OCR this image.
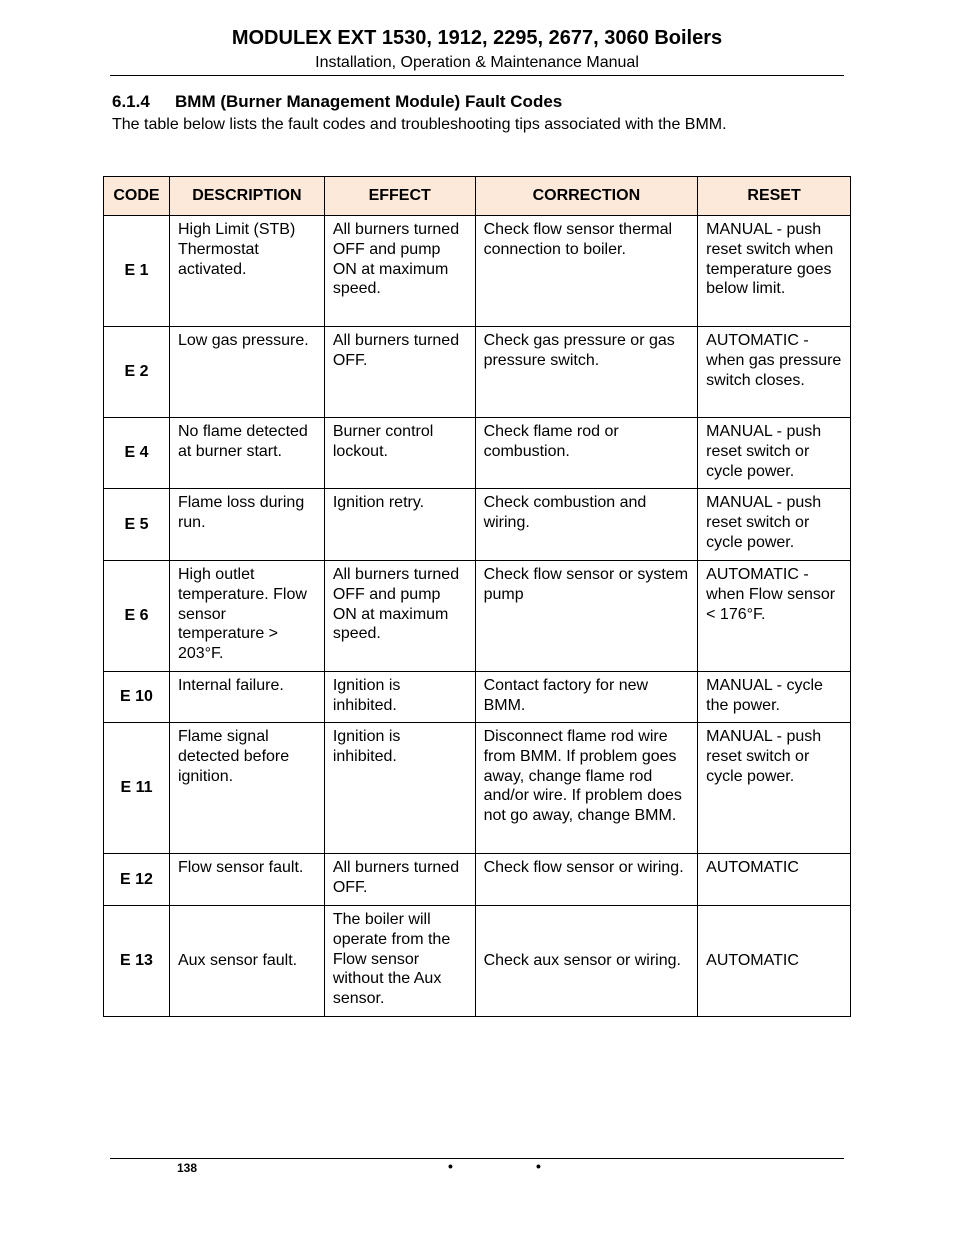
MODULEX EXT 1530, 1912, 2295, 2677, 3060 Boilers
Installation, Operation & Maintenance Manual
6.1.4 BMM (Burner Management Module) Fault Codes
The table below lists the fault codes and troubleshooting tips associated with the BMM.
CODE	DESCRIPTION	EFFECT	CORRECTION	RESET
E 1	High Limit (STB) Thermostat activated.	All burners turned OFF and pump ON at maximum speed.	Check flow sensor thermal connection to boiler.	MANUAL - push reset switch when temperature goes below limit.
E 2	Low gas pressure.	All burners turned OFF.	Check gas pressure or gas pressure switch.	AUTOMATIC - when gas pressure switch closes.
E 4	No flame detected at burner start.	Burner control lockout.	Check flame rod or combustion.	MANUAL - push reset switch or cycle power.
E 5	Flame loss during run.	Ignition retry.	Check combustion and wiring.	MANUAL - push reset switch or cycle power.
E 6	High outlet temperature. Flow sensor temperature > 203°F.	All burners turned OFF and pump ON at maximum speed.	Check flow sensor or system pump	AUTOMATIC - when Flow sensor < 176°F.
E 10	Internal failure.	Ignition is inhibited.	Contact factory for new BMM.	MANUAL - cycle the power.
E 11	Flame signal detected before ignition.	Ignition is inhibited.	Disconnect flame rod wire from BMM. If problem goes away, change flame rod and/or wire. If problem does not go away, change BMM.	MANUAL - push reset switch or cycle power.
E 12	Flow sensor fault.	All burners turned OFF.	Check flow sensor or wiring.	AUTOMATIC
E 13	Aux sensor fault.	The boiler will operate from the Flow sensor without the Aux sensor.	Check aux sensor or wiring.	AUTOMATIC
138	•	•
